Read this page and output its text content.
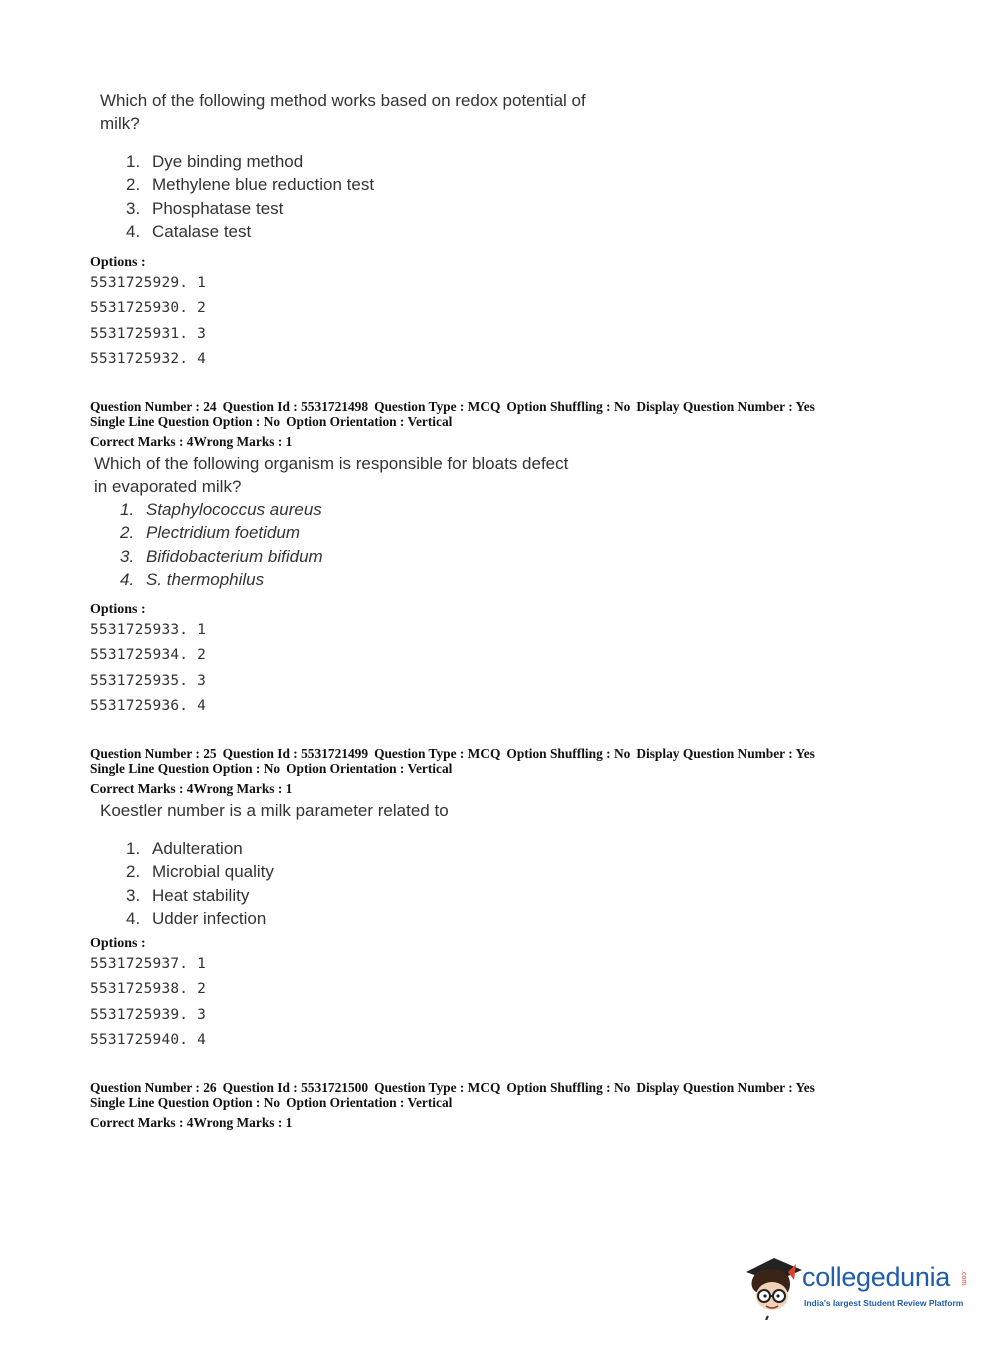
Which of the following method works based on redox potential of
milk?
1. Dye binding method
2. Methylene blue reduction test
3. Phosphatase test
4. Catalase test
Options :
5531725929. 1
5531725930. 2
5531725931. 3
5531725932. 4
Question Number : 24 Question Id : 5531721498 Question Type : MCQ Option Shuffling : No Display Question Number : Yes
Single Line Question Option : No Option Orientation : Vertical
Correct Marks : 4Wrong Marks : 1
Which of the following organism is responsible for bloats defect
in evaporated milk?
1. Staphylococcus aureus
2. Plectridium foetidum
3. Bifidobacterium bifidum
4. S. thermophilus
Options :
5531725933. 1
5531725934. 2
5531725935. 3
5531725936. 4
Question Number : 25 Question Id : 5531721499 Question Type : MCQ Option Shuffling : No Display Question Number : Yes
Single Line Question Option : No Option Orientation : Vertical
Correct Marks : 4Wrong Marks : 1
Koestler number is a milk parameter related to
1. Adulteration
2. Microbial quality
3. Heat stability
4. Udder infection
Options :
5531725937. 1
5531725938. 2
5531725939. 3
5531725940. 4
Question Number : 26 Question Id : 5531721500 Question Type : MCQ Option Shuffling : No Display Question Number : Yes
Single Line Question Option : No Option Orientation : Vertical
Correct Marks : 4Wrong Marks : 1
collegedunia .com
India's largest Student Review Platform
